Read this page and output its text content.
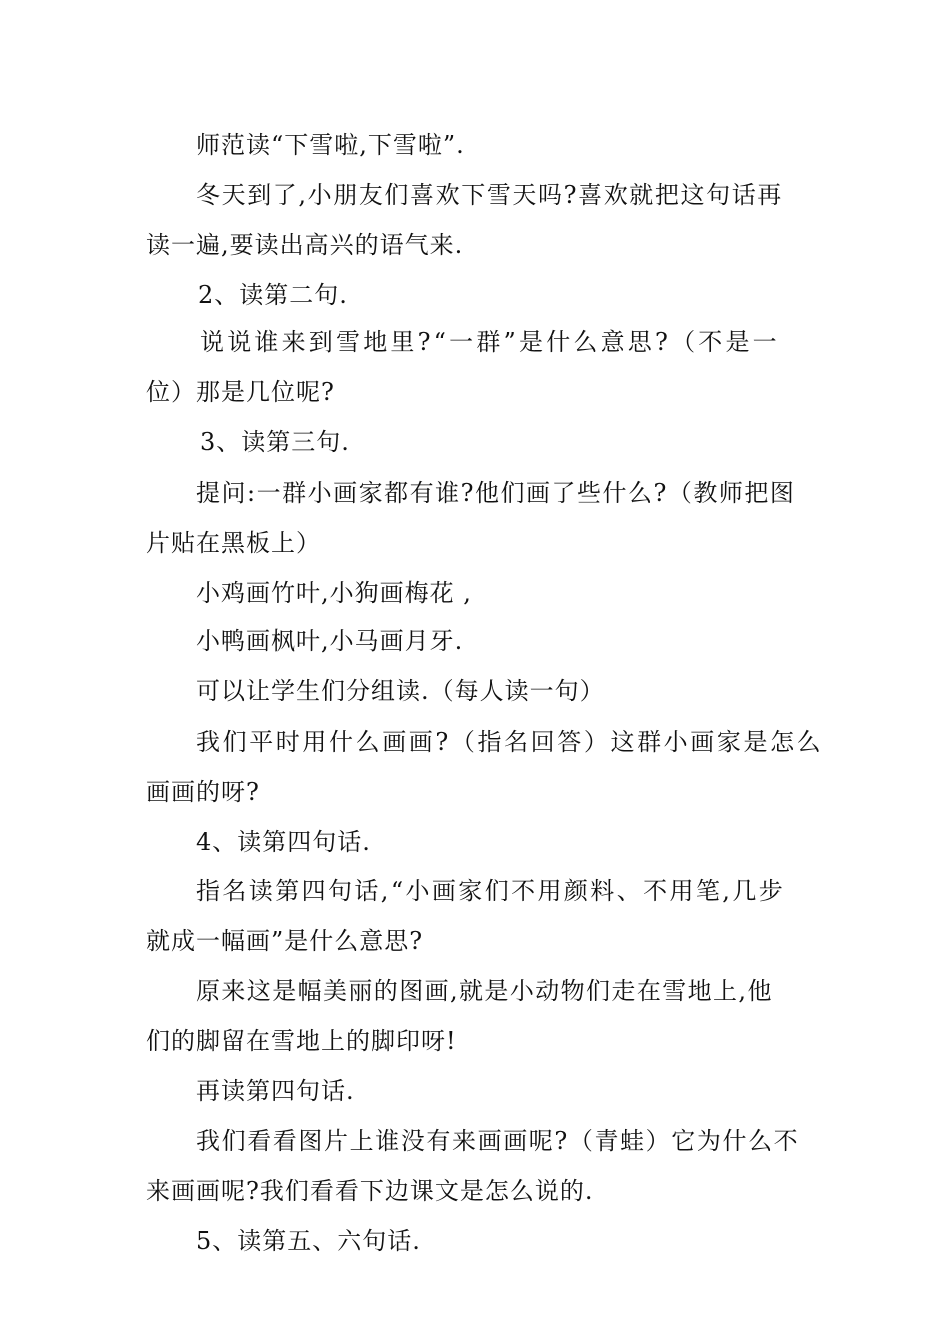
师范读“下雪啦,下雪啦”.
冬天到了,小朋友们喜欢下雪天吗?喜欢就把这句话再
读一遍,要读出高兴的语气来.
2、读第二句.
说说谁来到雪地里?“一群”是什么意思?（不是一
位）那是几位呢?
3、读第三句.
提问:一群小画家都有谁?他们画了些什么?（教师把图
片贴在黑板上）
小鸡画竹叶,小狗画梅花 ,
小鸭画枫叶,小马画月牙.
可以让学生们分组读.（每人读一句）
我们平时用什么画画?（指名回答）这群小画家是怎么
画画的呀?
4、读第四句话.
指名读第四句话,“小画家们不用颜料、不用笔,几步
就成一幅画”是什么意思?
原来这是幅美丽的图画,就是小动物们走在雪地上,他
们的脚留在雪地上的脚印呀!
再读第四句话.
我们看看图片上谁没有来画画呢?（青蛙）它为什么不
来画画呢?我们看看下边课文是怎么说的.
5、读第五、六句话.
